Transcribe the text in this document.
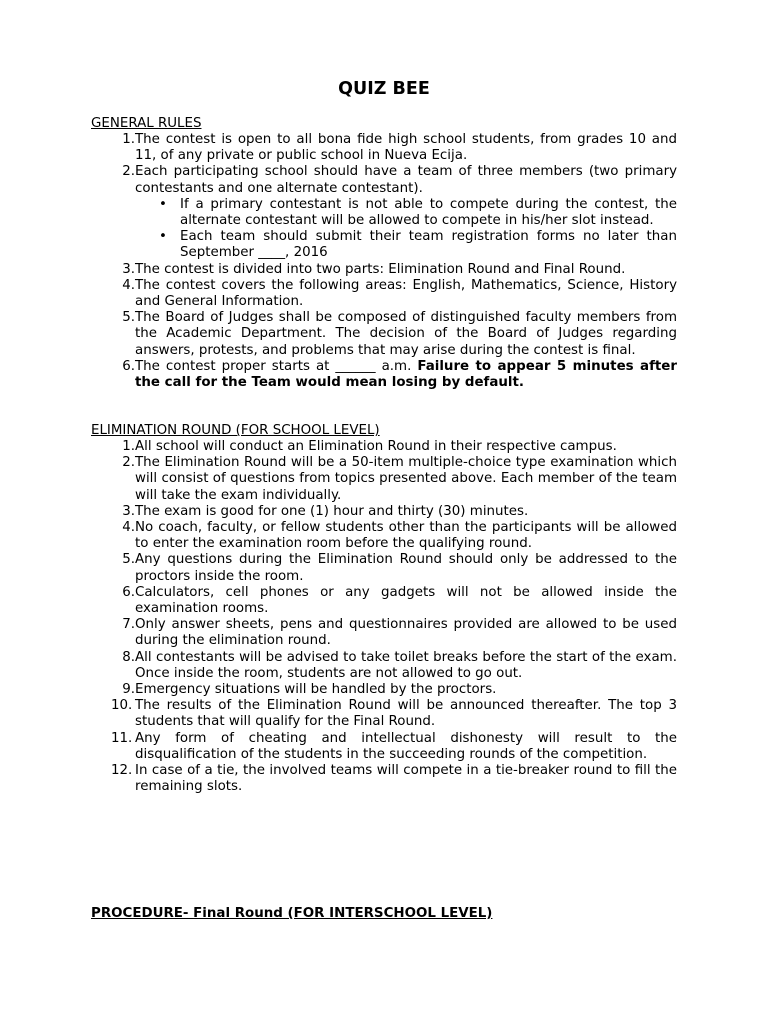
QUIZ BEE
GENERAL RULES
1. The contest is open to all bona fide high school students, from grades 10 and 11, of any private or public school in Nueva Ecija.
2. Each participating school should have a team of three members (two primary contestants and one alternate contestant).
• If a primary contestant is not able to compete during the contest, the alternate contestant will be allowed to compete in his/her slot instead.
• Each team should submit their team registration forms no later than September ____, 2016
3. The contest is divided into two parts: Elimination Round and Final Round.
4. The contest covers the following areas: English, Mathematics, Science, History and General Information.
5. The Board of Judges shall be composed of distinguished faculty members from the Academic Department. The decision of the Board of Judges regarding answers, protests, and problems that may arise during the contest is final.
6. The contest proper starts at ______ a.m. Failure to appear 5 minutes after the call for the Team would mean losing by default.
ELIMINATION ROUND (FOR SCHOOL LEVEL)
1. All school will conduct an Elimination Round in their respective campus.
2. The Elimination Round will be a 50-item multiple-choice type examination which will consist of questions from topics presented above. Each member of the team will take the exam individually.
3. The exam is good for one (1) hour and thirty (30) minutes.
4. No coach, faculty, or fellow students other than the participants will be allowed to enter the examination room before the qualifying round.
5. Any questions during the Elimination Round should only be addressed to the proctors inside the room.
6. Calculators, cell phones or any gadgets will not be allowed inside the examination rooms.
7. Only answer sheets, pens and questionnaires provided are allowed to be used during the elimination round.
8. All contestants will be advised to take toilet breaks before the start of the exam. Once inside the room, students are not allowed to go out.
9. Emergency situations will be handled by the proctors.
10. The results of the Elimination Round will be announced thereafter. The top 3 students that will qualify for the Final Round.
11. Any form of cheating and intellectual dishonesty will result to the disqualification of the students in the succeeding rounds of the competition.
12. In case of a tie, the involved teams will compete in a tie-breaker round to fill the remaining slots.
PROCEDURE- Final Round (FOR INTERSCHOOL LEVEL)
